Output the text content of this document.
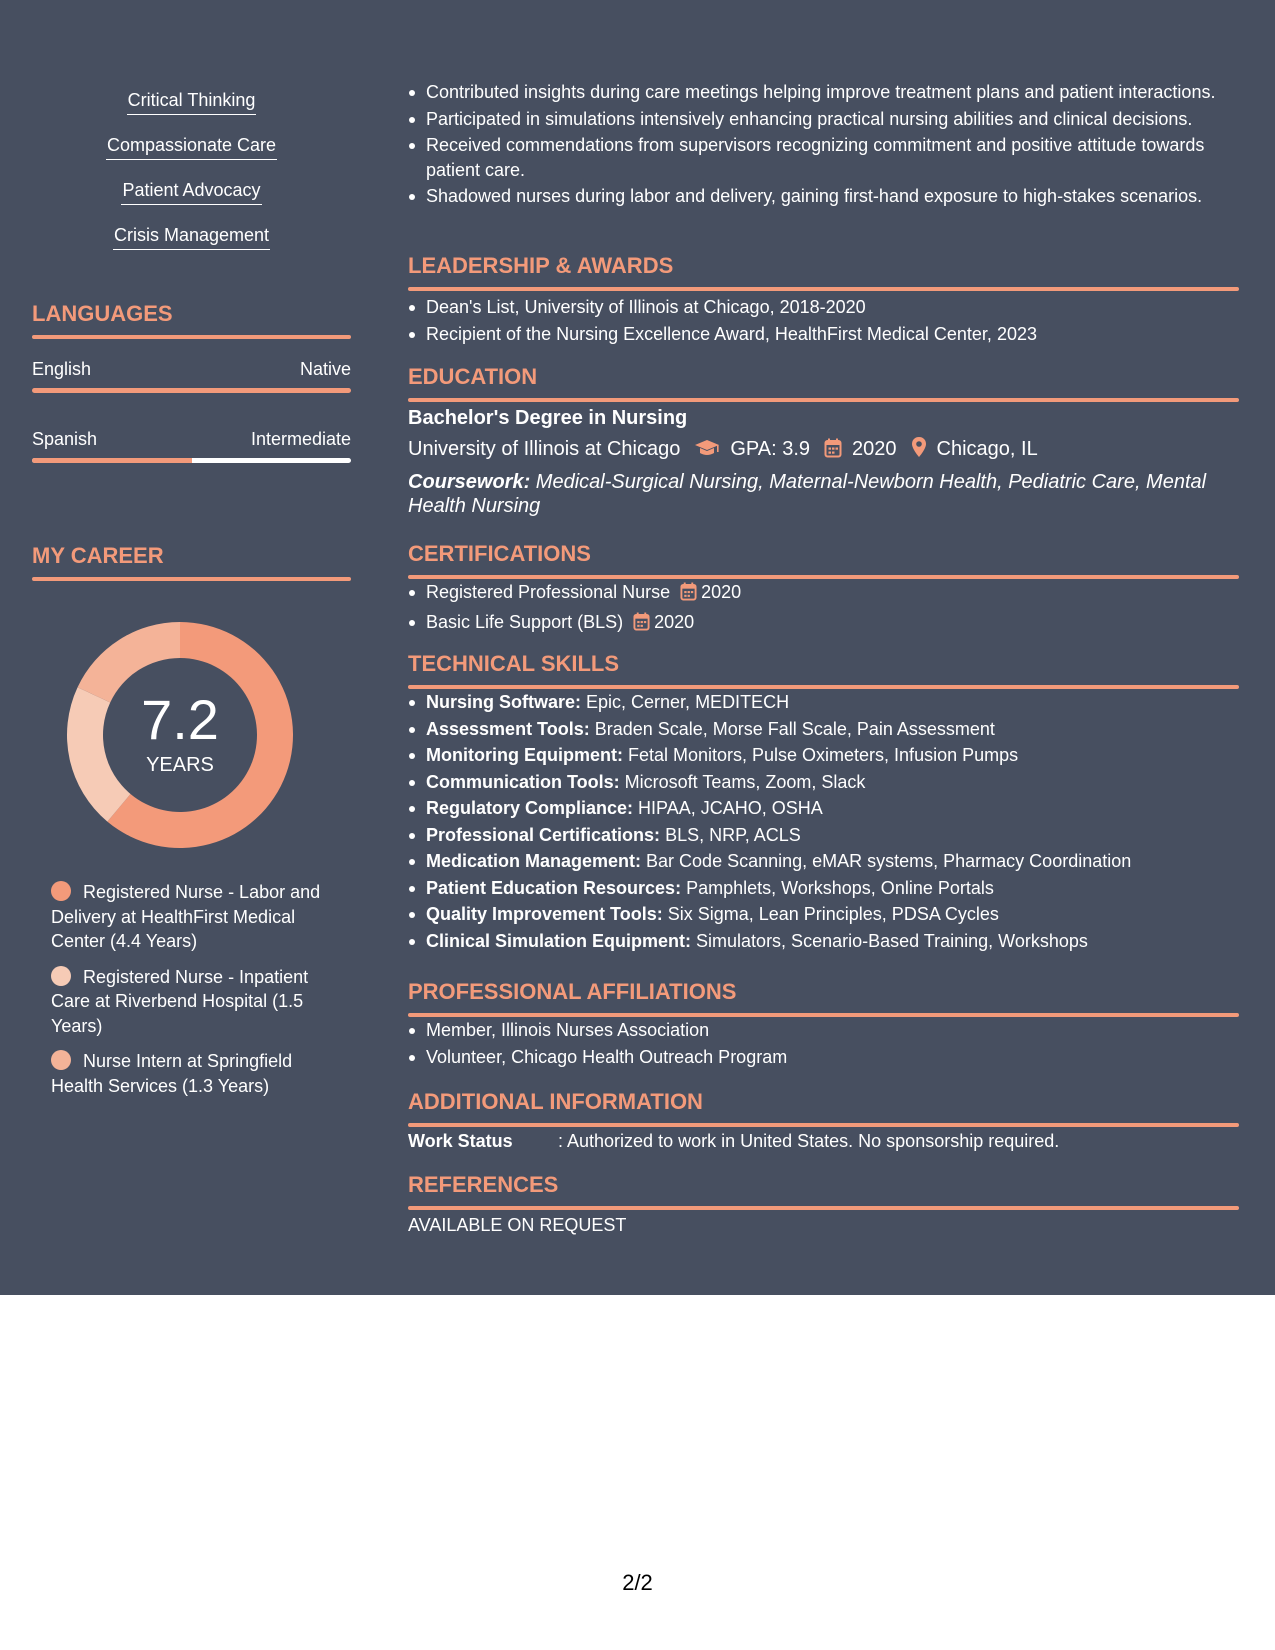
Critical Thinking
Compassionate Care
Patient Advocacy
Crisis Management
LANGUAGES
English	Native
Spanish	Intermediate
MY CAREER
7.2
YEARS
Registered Nurse - Labor and Delivery at HealthFirst Medical Center (4.4 Years)
Registered Nurse - Inpatient Care at Riverbend Hospital (1.5 Years)
Nurse Intern at Springfield Health Services (1.3 Years)
Contributed insights during care meetings helping improve treatment plans and patient interactions.
Participated in simulations intensively enhancing practical nursing abilities and clinical decisions.
Received commendations from supervisors recognizing commitment and positive attitude towards patient care.
Shadowed nurses during labor and delivery, gaining first-hand exposure to high-stakes scenarios.
LEADERSHIP & AWARDS
Dean's List, University of Illinois at Chicago, 2018-2020
Recipient of the Nursing Excellence Award, HealthFirst Medical Center, 2023
EDUCATION
Bachelor's Degree in Nursing
University of Illinois at Chicago	GPA: 3.9 2020 Chicago, IL
Coursework: Medical-Surgical Nursing, Maternal-Newborn Health, Pediatric Care, Mental Health Nursing
CERTIFICATIONS
Registered Professional Nurse 2020
Basic Life Support (BLS) 2020
TECHNICAL SKILLS
Nursing Software: Epic, Cerner, MEDITECH
Assessment Tools: Braden Scale, Morse Fall Scale, Pain Assessment
Monitoring Equipment: Fetal Monitors, Pulse Oximeters, Infusion Pumps
Communication Tools: Microsoft Teams, Zoom, Slack
Regulatory Compliance: HIPAA, JCAHO, OSHA
Professional Certifications: BLS, NRP, ACLS
Medication Management: Bar Code Scanning, eMAR systems, Pharmacy Coordination
Patient Education Resources: Pamphlets, Workshops, Online Portals
Quality Improvement Tools: Six Sigma, Lean Principles, PDSA Cycles
Clinical Simulation Equipment: Simulators, Scenario-Based Training, Workshops
PROFESSIONAL AFFILIATIONS
Member, Illinois Nurses Association
Volunteer, Chicago Health Outreach Program
ADDITIONAL INFORMATION
Work Status	: Authorized to work in United States. No sponsorship required.
REFERENCES
AVAILABLE ON REQUEST
2/2
